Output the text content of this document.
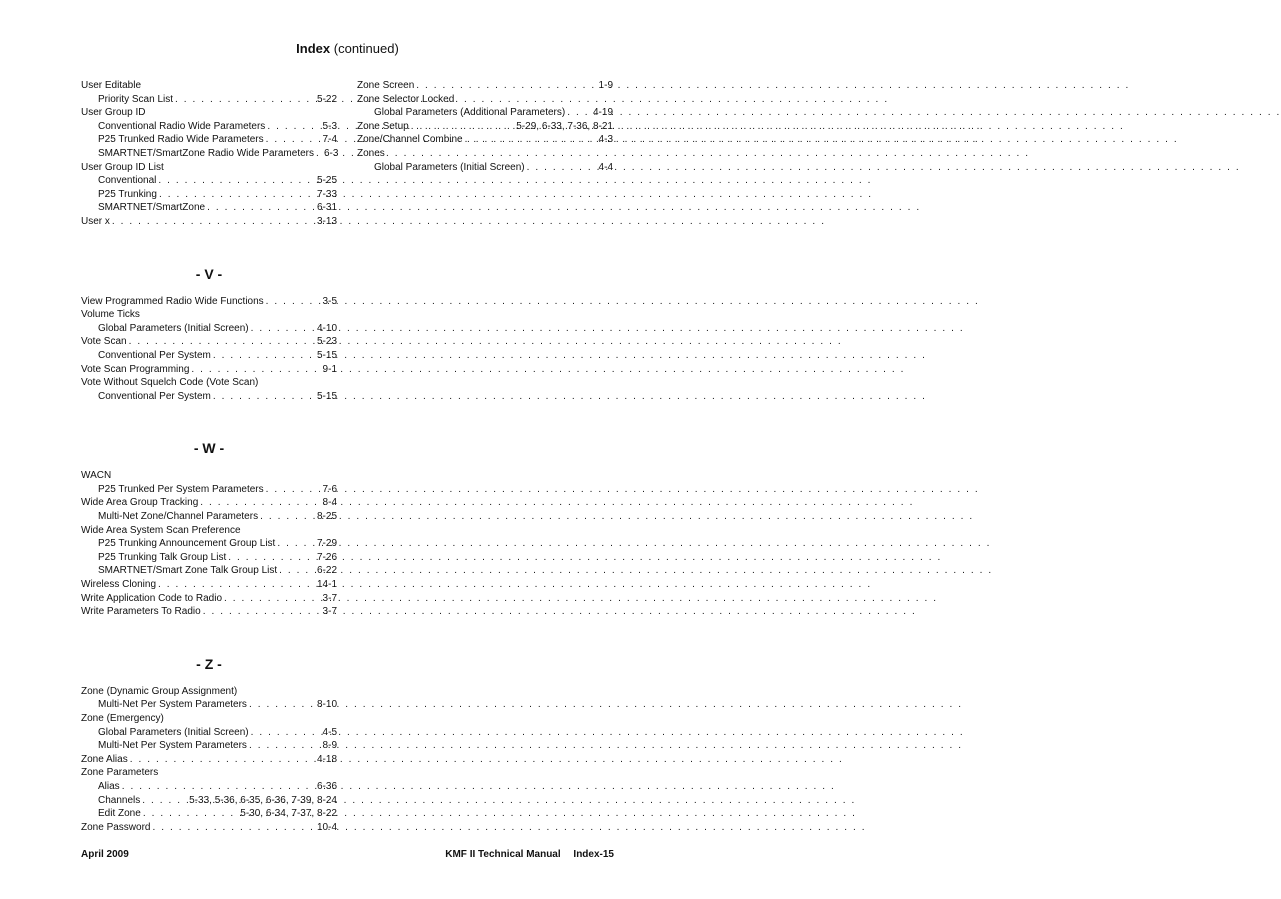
Index (continued)
User Editable
Priority Scan List . . .	5-22
User Group ID
Conventional Radio Wide Parameters . . .	5-3
P25 Trunked Radio Wide Parameters . . .	7-4
SMARTNET/SmartZone Radio Wide Parameters . . . 6-3
User Group ID List
Conventional . . .	5-25
P25 Trunking . . .	7-33
SMARTNET/SmartZone . . .	6-31
User x . . .	3-13
- V -
View Programmed Radio Wide Functions . . .	3-5
Volume Ticks
Global Parameters (Initial Screen) . . .	4-10
Vote Scan . . .	5-23
Conventional Per System . . .	5-15
Vote Scan Programming . . .	9-1
Vote Without Squelch Code (Vote Scan)
Conventional Per System . . .	5-15
- W -
WACN
P25 Trunked Per System Parameters . . .	7-6
Wide Area Group Tracking . . .	8-4
Multi-Net Zone/Channel Parameters . . .	8-25
Wide Area System Scan Preference
P25 Trunking Announcement Group List . . .	7-29
P25 Trunking Talk Group List . . .	7-26
SMARTNET/Smart Zone Talk Group List . . .	6-22
Wireless Cloning . . .	14-1
Write Application Code to Radio . . .	3-7
Write Parameters To Radio . . .	3-7
- Z -
Zone (Dynamic Group Assignment)
Multi-Net Per System Parameters . . .	8-10
Zone (Emergency)
Global Parameters (Initial Screen) . . .	4-5
Multi-Net Per System Parameters . . .	8-9
Zone Alias . . .	4-18
Zone Parameters
Alias . . .	6-36
Channels . . .	5-33, 5-36, 6-35, 6-36, 7-39, 8-24
Edit Zone . . .	5-30, 6-34, 7-37, 8-22
Zone Password . . .	10-4
Zone Screen . . .	1-9
Zone Selector Locked
Global Parameters (Additional Parameters) . . .	4-19
Zone Setup . . .	5-29, 6-33, 7-36, 8-21
Zone/Channel Combine . . .	4-3
Zones
Global Parameters (Initial Screen) . . .	4-4
April 2009	KMF II Technical Manual Index-15
